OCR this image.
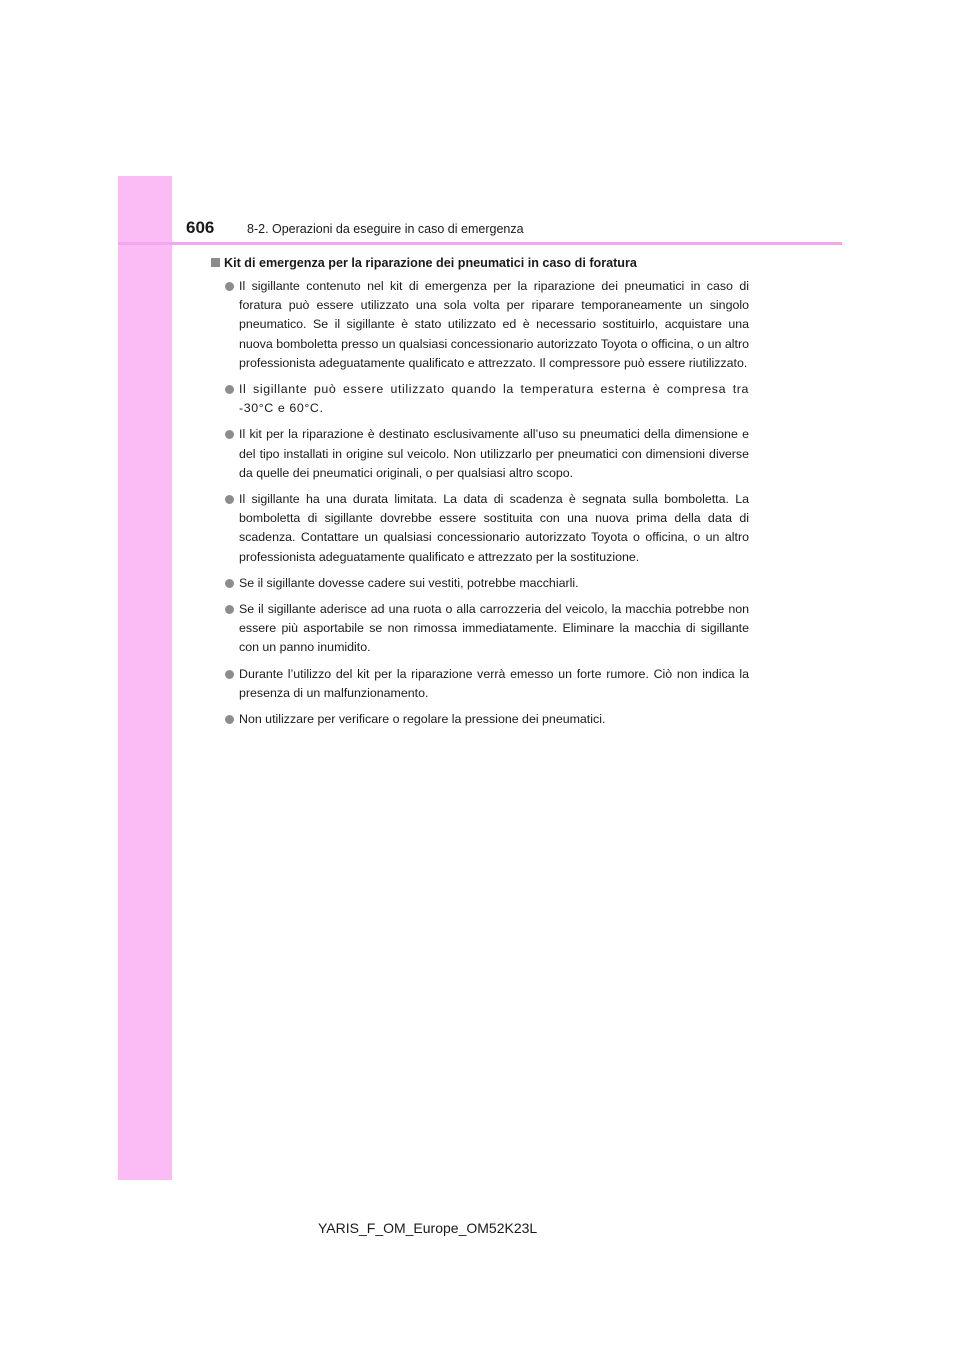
606	8-2. Operazioni da eseguire in caso di emergenza
Kit di emergenza per la riparazione dei pneumatici in caso di foratura
Il sigillante contenuto nel kit di emergenza per la riparazione dei pneumatici in caso di foratura può essere utilizzato una sola volta per riparare temporaneamente un singolo pneumatico. Se il sigillante è stato utilizzato ed è necessario sostituirlo, acquistare una nuova bomboletta presso un qualsiasi concessionario autorizzato Toyota o officina, o un altro professionista adeguatamente qualificato e attrezzato. Il compressore può essere riutilizzato.
Il sigillante può essere utilizzato quando la temperatura esterna è compresa tra -30°C e 60°C.
Il kit per la riparazione è destinato esclusivamente all’uso su pneumatici della dimensione e del tipo installati in origine sul veicolo. Non utilizzarlo per pneumatici con dimensioni diverse da quelle dei pneumatici originali, o per qualsiasi altro scopo.
Il sigillante ha una durata limitata. La data di scadenza è segnata sulla bomboletta. La bomboletta di sigillante dovrebbe essere sostituita con una nuova prima della data di scadenza. Contattare un qualsiasi concessionario autorizzato Toyota o officina, o un altro professionista adeguatamente qualificato e attrezzato per la sostituzione.
Se il sigillante dovesse cadere sui vestiti, potrebbe macchiarli.
Se il sigillante aderisce ad una ruota o alla carrozzeria del veicolo, la macchia potrebbe non essere più asportabile se non rimossa immediatamente. Eliminare la macchia di sigillante con un panno inumidito.
Durante l’utilizzo del kit per la riparazione verrà emesso un forte rumore. Ciò non indica la presenza di un malfunzionamento.
Non utilizzare per verificare o regolare la pressione dei pneumatici.
YARIS_F_OM_Europe_OM52K23L
